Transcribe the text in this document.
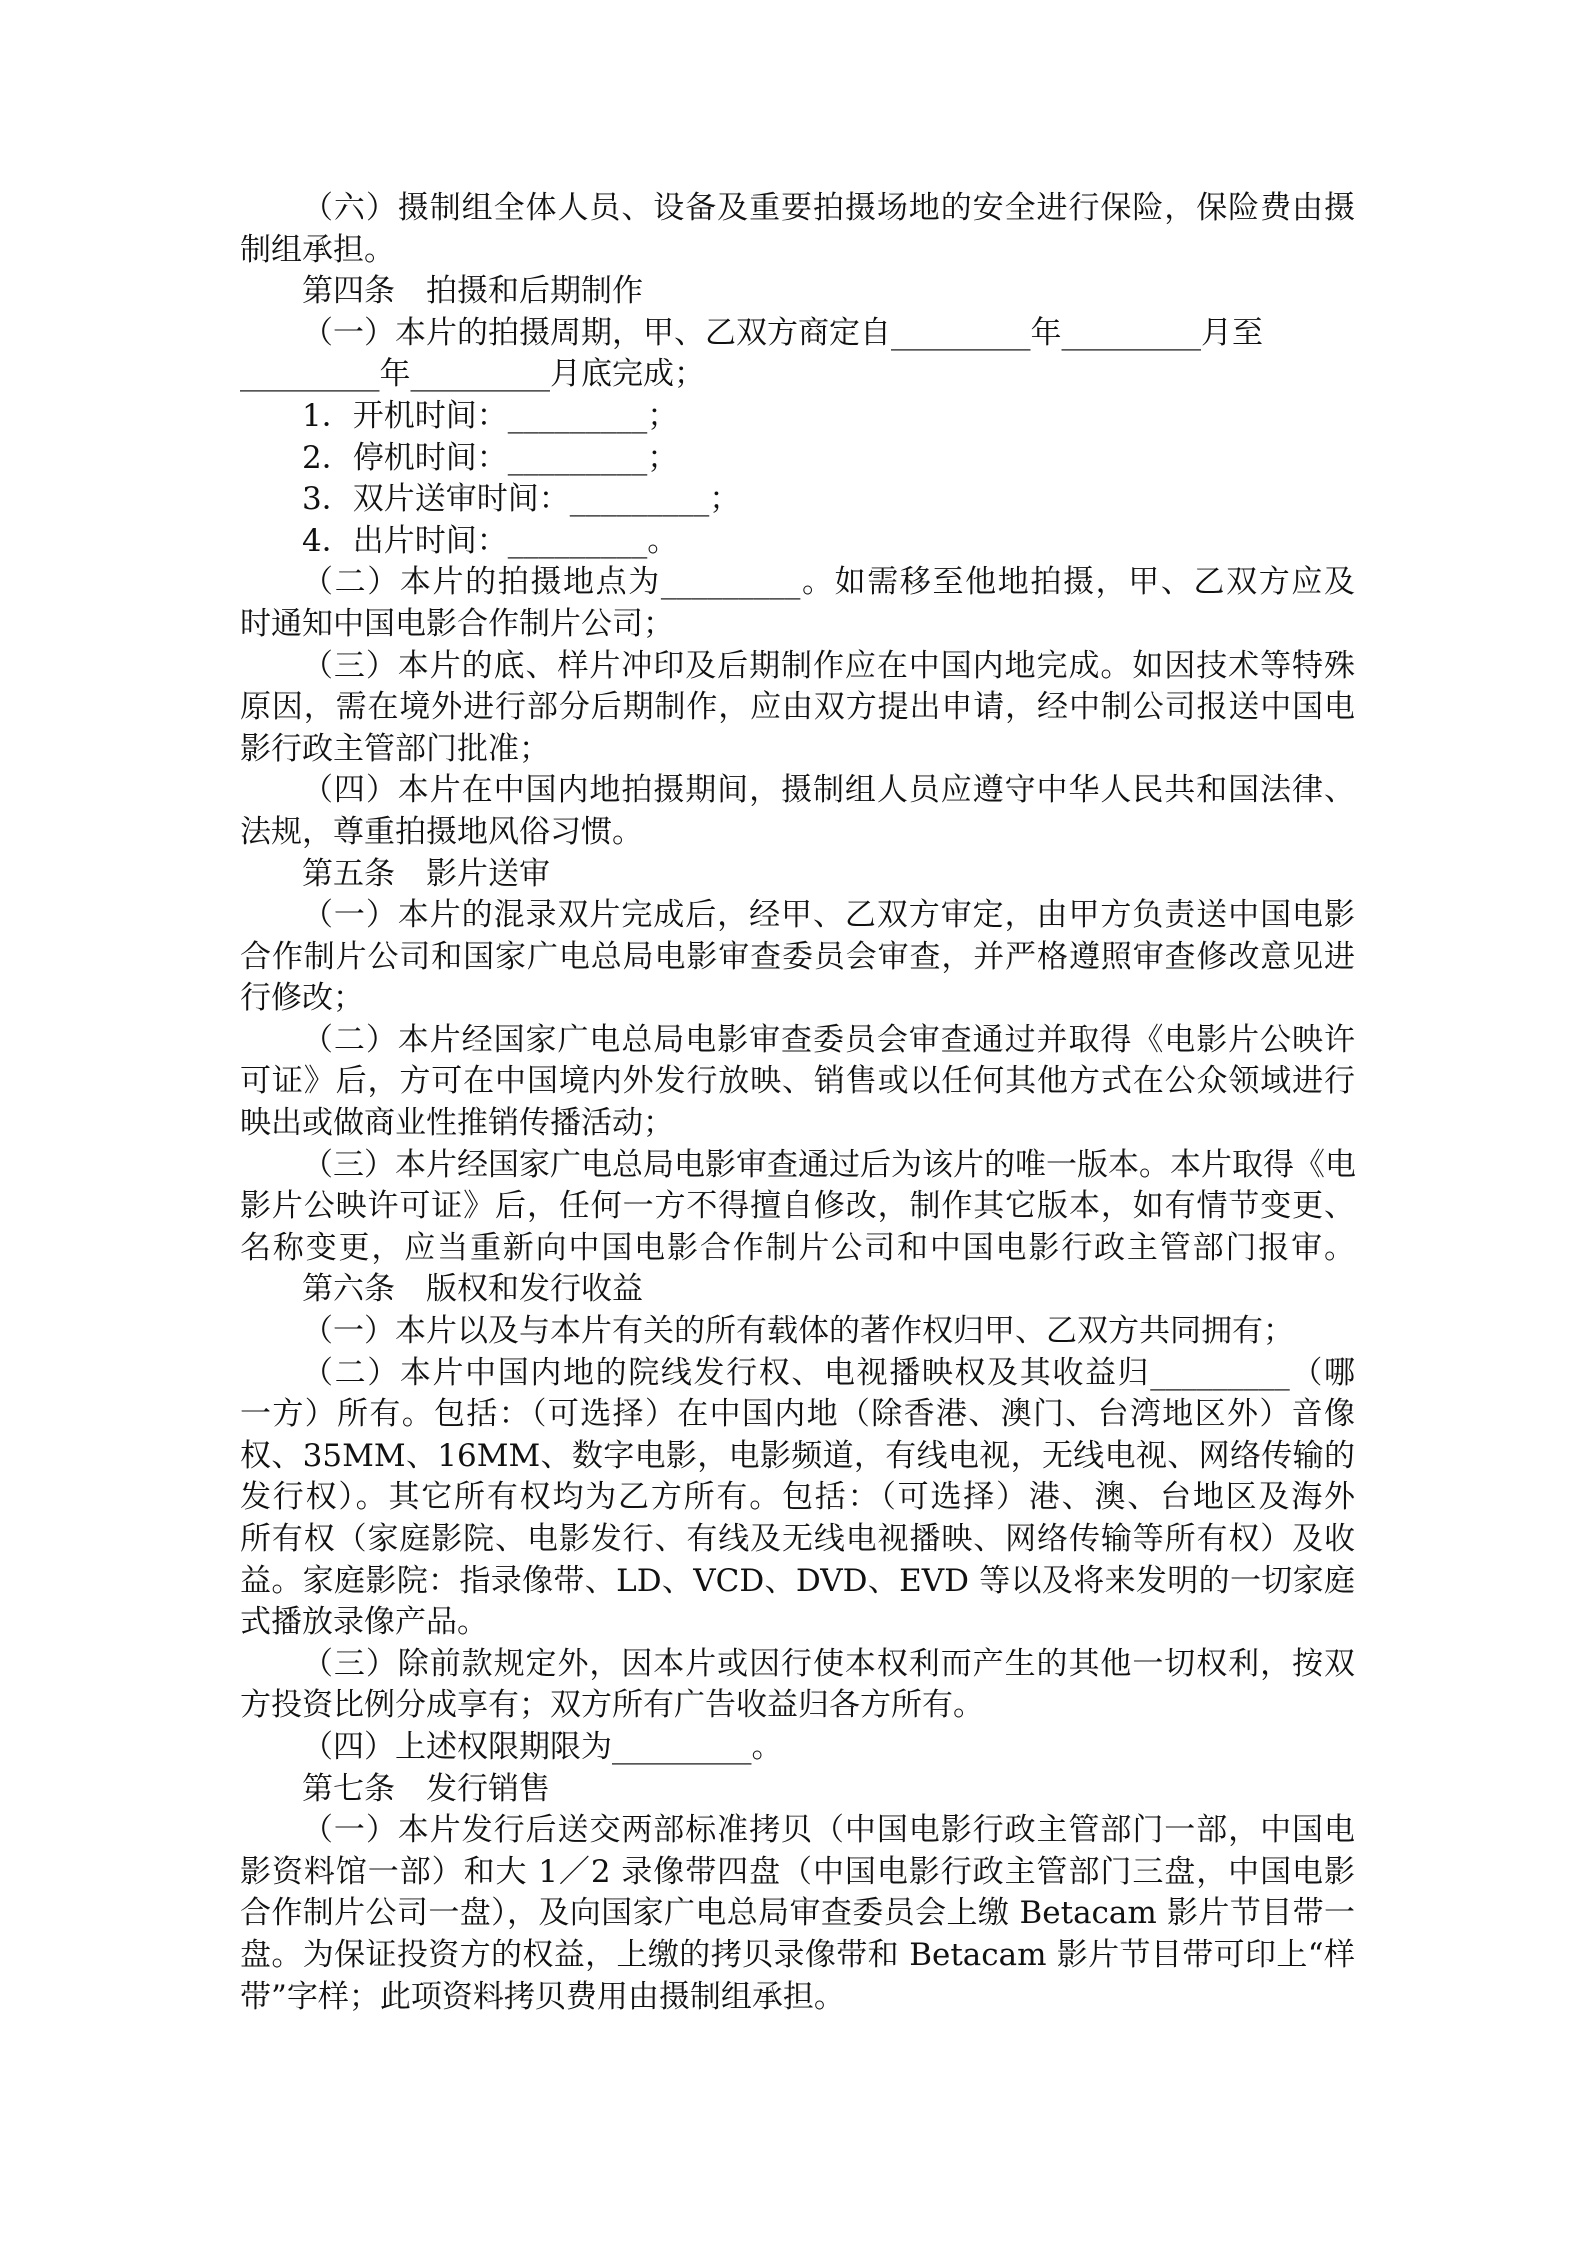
（六）摄制组全体人员、设备及重要拍摄场地的安全进行保险，保险费由摄
制组承担。
第四条　拍摄和后期制作
（一）本片的拍摄周期，甲、乙双方商定自_________年_________月至
_________年_________月底完成；
1．开机时间：_________；
2．停机时间：_________；
3．双片送审时间：_________；
4．出片时间：_________。
（二）本片的拍摄地点为_________。如需移至他地拍摄，甲、乙双方应及
时通知中国电影合作制片公司；
（三）本片的底、样片冲印及后期制作应在中国内地完成。如因技术等特殊
原因，需在境外进行部分后期制作，应由双方提出申请，经中制公司报送中国电
影行政主管部门批准；
（四）本片在中国内地拍摄期间，摄制组人员应遵守中华人民共和国法律、
法规，尊重拍摄地风俗习惯。
第五条　影片送审
（一）本片的混录双片完成后，经甲、乙双方审定，由甲方负责送中国电影
合作制片公司和国家广电总局电影审查委员会审查，并严格遵照审查修改意见进
行修改；
（二）本片经国家广电总局电影审查委员会审查通过并取得《电影片公映许
可证》后，方可在中国境内外发行放映、销售或以任何其他方式在公众领域进行
映出或做商业性推销传播活动；
（三）本片经国家广电总局电影审查通过后为该片的唯一版本。本片取得《电
影片公映许可证》后，任何一方不得擅自修改，制作其它版本，如有情节变更、
名称变更，应当重新向中国电影合作制片公司和中国电影行政主管部门报审。
第六条　版权和发行收益
（一）本片以及与本片有关的所有载体的著作权归甲、乙双方共同拥有；
（二）本片中国内地的院线发行权、电视播映权及其收益归_________（哪
一方）所有。包括：（可选择）在中国内地（除香港、澳门、台湾地区外）音像
权、35MM、16MM、数字电影，电影频道，有线电视，无线电视、网络传输的
发行权）。其它所有权均为乙方所有。包括：（可选择）港、澳、台地区及海外
所有权（家庭影院、电影发行、有线及无线电视播映、网络传输等所有权）及收
益。家庭影院：指录像带、LD、VCD、DVD、EVD 等以及将来发明的一切家庭
式播放录像产品。
（三）除前款规定外，因本片或因行使本权利而产生的其他一切权利，按双
方投资比例分成享有；双方所有广告收益归各方所有。
（四）上述权限期限为_________。
第七条　发行销售
（一）本片发行后送交两部标准拷贝（中国电影行政主管部门一部，中国电
影资料馆一部）和大 1／2 录像带四盘（中国电影行政主管部门三盘，中国电影
合作制片公司一盘），及向国家广电总局审查委员会上缴 Betacam 影片节目带一
盘。为保证投资方的权益，上缴的拷贝录像带和 Betacam 影片节目带可印上“样
带”字样；此项资料拷贝费用由摄制组承担。
